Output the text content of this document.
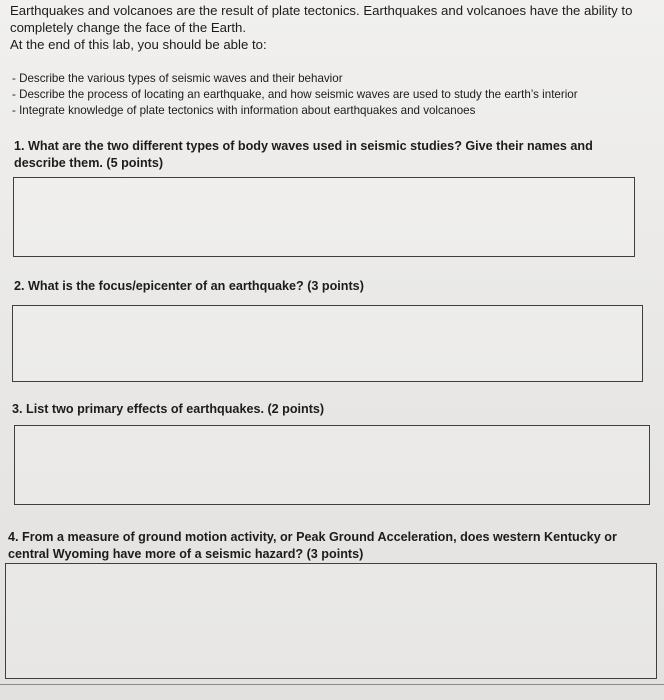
Earthquakes and volcanoes are the result of plate tectonics. Earthquakes and volcanoes have the ability to completely change the face of the Earth.
At the end of this lab, you should be able to:
- Describe the various types of seismic waves and their behavior
- Describe the process of locating an earthquake, and how seismic waves are used to study the earth’s interior
- Integrate knowledge of plate tectonics with information about earthquakes and volcanoes
1. What are the two different types of body waves used in seismic studies? Give their names and describe them. (5 points)
2. What is the focus/epicenter of an earthquake? (3 points)
3. List two primary effects of earthquakes. (2 points)
4. From a measure of ground motion activity, or Peak Ground Acceleration, does western Kentucky or central Wyoming have more of a seismic hazard? (3 points)
